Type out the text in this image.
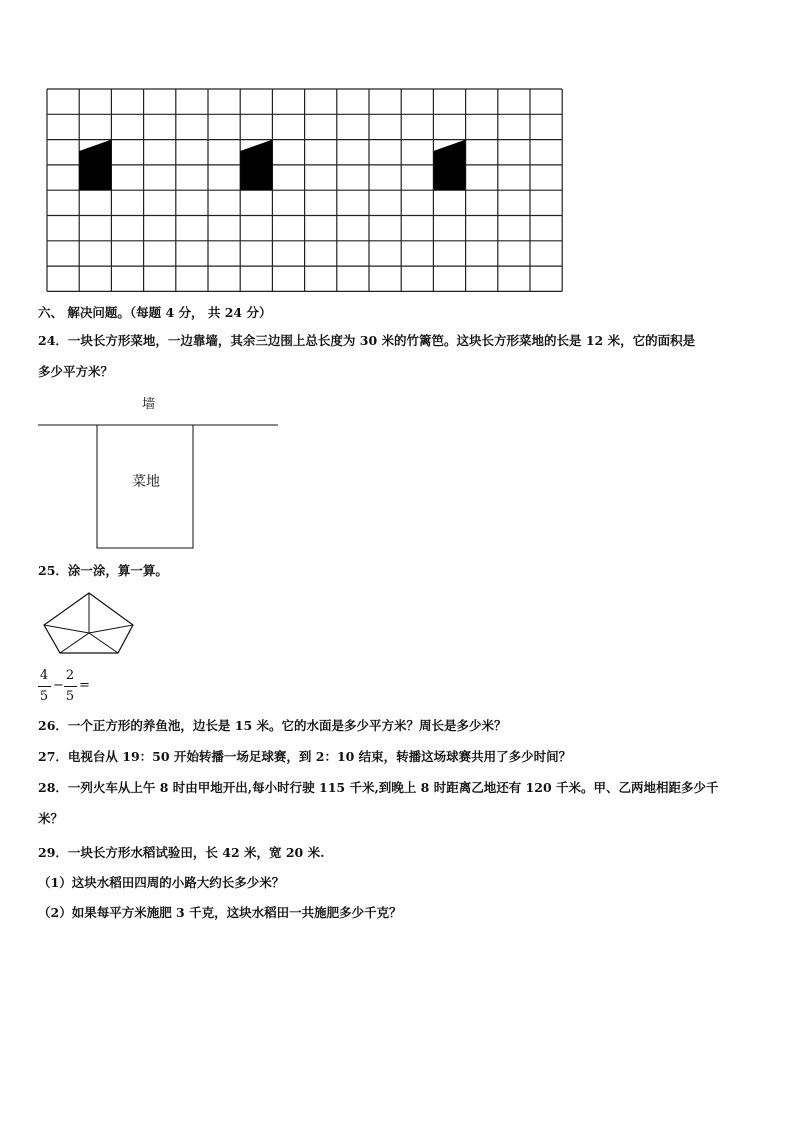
六、 解决问题。（每题 4 分， 共 24 分）
24．一块长方形菜地，一边靠墙，其余三边围上总长度为 30 米的竹篱笆。这块长方形菜地的长是 12 米，它的面积是
多少平方米？
墙
菜地
25．涂一涂，算一算。
4
5
−
2
5
=
26．一个正方形的养鱼池，边长是 15 米。它的水面是多少平方米？周长是多少米？
27．电视台从 19：50 开始转播一场足球赛，到 2：10 结束，转播这场球赛共用了多少时间？
28．一列火车从上午 8 时由甲地开出,每小时行驶 115 千米,到晚上 8 时距离乙地还有 120 千米。甲、乙两地相距多少千
米？
29．一块长方形水稻试验田，长 42 米，宽 20 米.
（1）这块水稻田四周的小路大约长多少米？
（2）如果每平方米施肥 3 千克，这块水稻田一共施肥多少千克？
